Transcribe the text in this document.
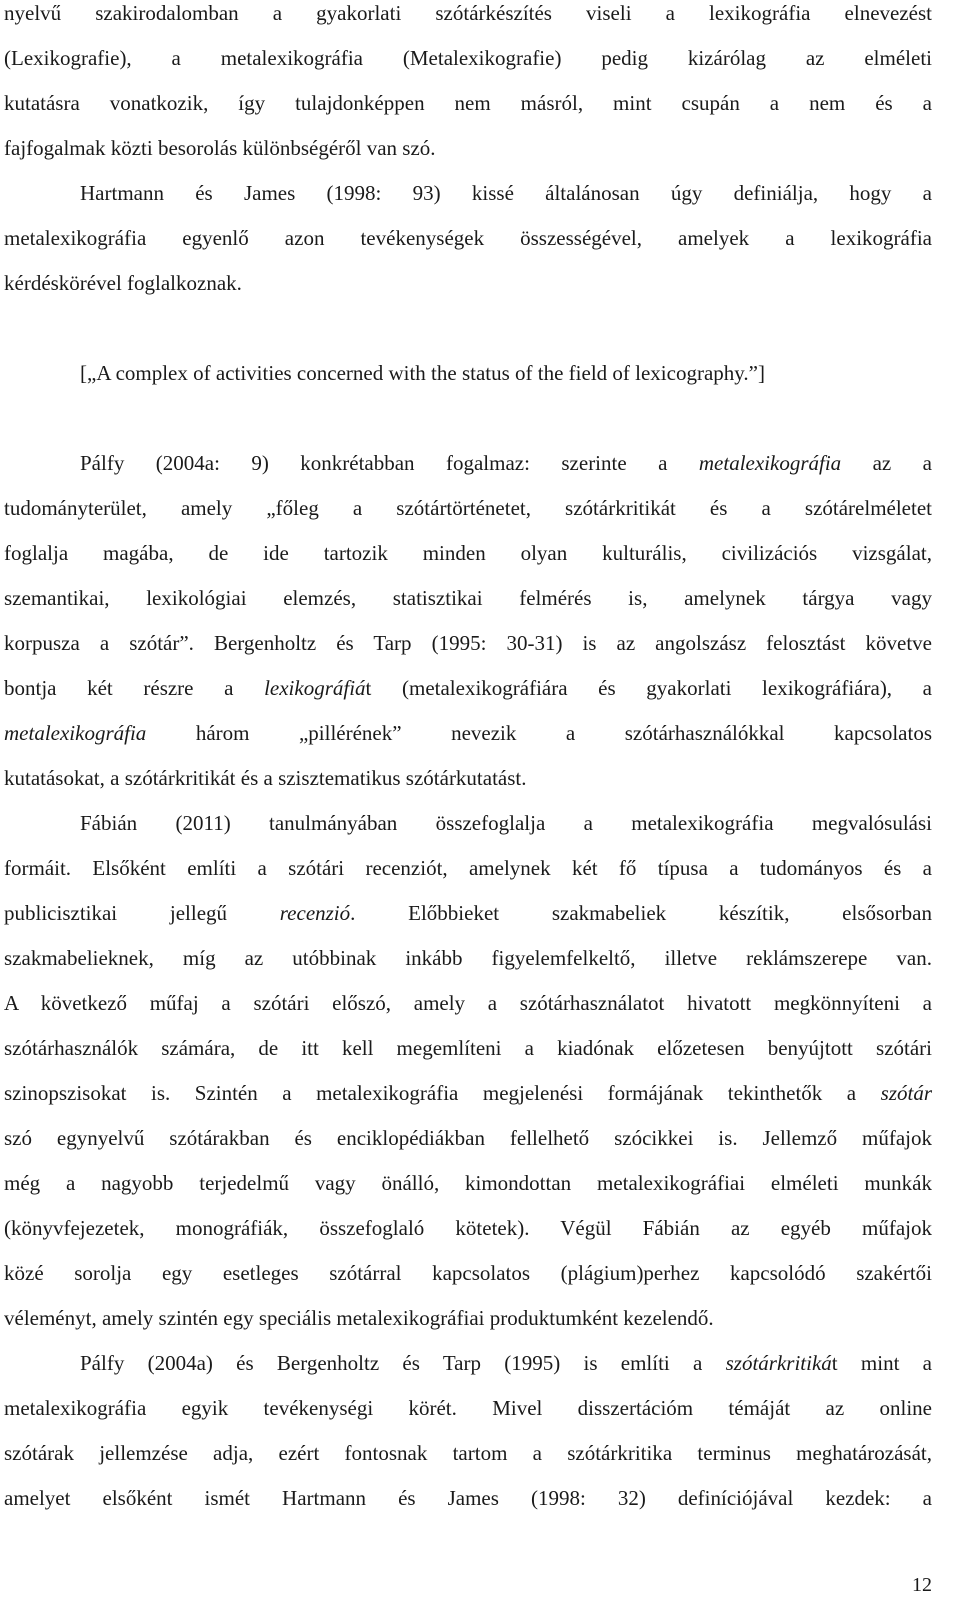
nyelvű szakirodalomban a gyakorlati szótárkészítés viseli a lexikográfia elnevezést
(Lexikografie), a metalexikográfia (Metalexikografie) pedig kizárólag az elméleti
kutatásra vonatkozik, így tulajdonképpen nem másról, mint csupán a nem és a
fajfogalmak közti besorolás különbségéről van szó.
Hartmann és James (1998: 93) kissé általánosan úgy definiálja, hogy a
metalexikográfia egyenlő azon tevékenységek összességével, amelyek a lexikográfia
kérdéskörével foglalkoznak.
[„A complex of activities concerned with the status of the field of lexicography.”]
Pálfy (2004a: 9) konkrétabban fogalmaz: szerinte a metalexikográfia az a
tudományterület, amely „főleg a szótártörténetet, szótárkritikát és a szótárelméletet
foglalja magába, de ide tartozik minden olyan kulturális, civilizációs vizsgálat,
szemantikai, lexikológiai elemzés, statisztikai felmérés is, amelynek tárgya vagy
korpusza a szótár”. Bergenholtz és Tarp (1995: 30-31) is az angolszász felosztást követve
bontja két részre a lexikográfiát (metalexikográfiára és gyakorlati lexikográfiára), a
metalexikográfia három „pillérének” nevezik a szótárhasználókkal kapcsolatos
kutatásokat, a szótárkritikát és a szisztematikus szótárkutatást.
Fábián (2011) tanulmányában összefoglalja a metalexikográfia megvalósulási
formáit. Elsőként említi a szótári recenziót, amelynek két fő típusa a tudományos és a
publicisztikai jellegű recenzió. Előbbieket szakmabeliek készítik, elsősorban
szakmabelieknek, míg az utóbbinak inkább figyelemfelkeltő, illetve reklámszerepe van.
A következő műfaj a szótári előszó, amely a szótárhasználatot hivatott megkönnyíteni a
szótárhasználók számára, de itt kell megemlíteni a kiadónak előzetesen benyújtott szótári
szinopszisokat is. Szintén a metalexikográfia megjelenési formájának tekinthetők a szótár
szó egynyelvű szótárakban és enciklopédiákban fellelhető szócikkei is. Jellemző műfajok
még a nagyobb terjedelmű vagy önálló, kimondottan metalexikográfiai elméleti munkák
(könyvfejezetek, monográfiák, összefoglaló kötetek). Végül Fábián az egyéb műfajok
közé sorolja egy esetleges szótárral kapcsolatos (plágium)perhez kapcsolódó szakértői
véleményt, amely szintén egy speciális metalexikográfiai produktumként kezelendő.
Pálfy (2004a) és Bergenholtz és Tarp (1995) is említi a szótárkritikát mint a
metalexikográfia egyik tevékenységi körét. Mivel disszertációm témáját az online
szótárak jellemzése adja, ezért fontosnak tartom a szótárkritika terminus meghatározását,
amelyet elsőként ismét Hartmann és James (1998: 32) definíciójával kezdek: a
12
